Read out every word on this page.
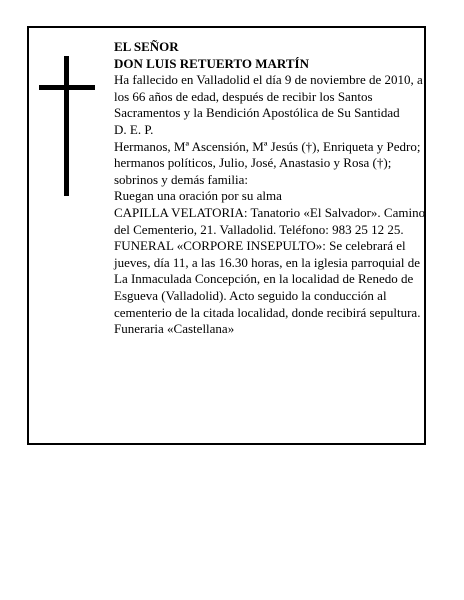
EL SEÑOR

DON LUIS RETUERTO MARTÍN

Ha fallecido en Valladolid el día 9 de noviembre de 2010, a los 66 años de edad, después de recibir los Santos Sacramentos y la Bendición Apostólica de Su Santidad

D. E. P.

Hermanos, Mª Ascensión, Mª Jesús (†), Enriqueta y Pedro; hermanos políticos, Julio, José, Anastasio y Rosa (†); sobrinos y demás familia:

Ruegan una oración por su alma

CAPILLA VELATORIA: Tanatorio «El Salvador». Camino del Cementerio, 21. Valladolid. Teléfono: 983 25 12 25.

FUNERAL «CORPORE INSEPULTO»: Se celebrará el jueves, día 11, a las 16.30 horas, en la iglesia parroquial de La Inmaculada Concepción, en la localidad de Renedo de Esgueva (Valladolid). Acto seguido la conducción al cementerio de la citada localidad, donde recibirá sepultura.

Funeraria «Castellana»
